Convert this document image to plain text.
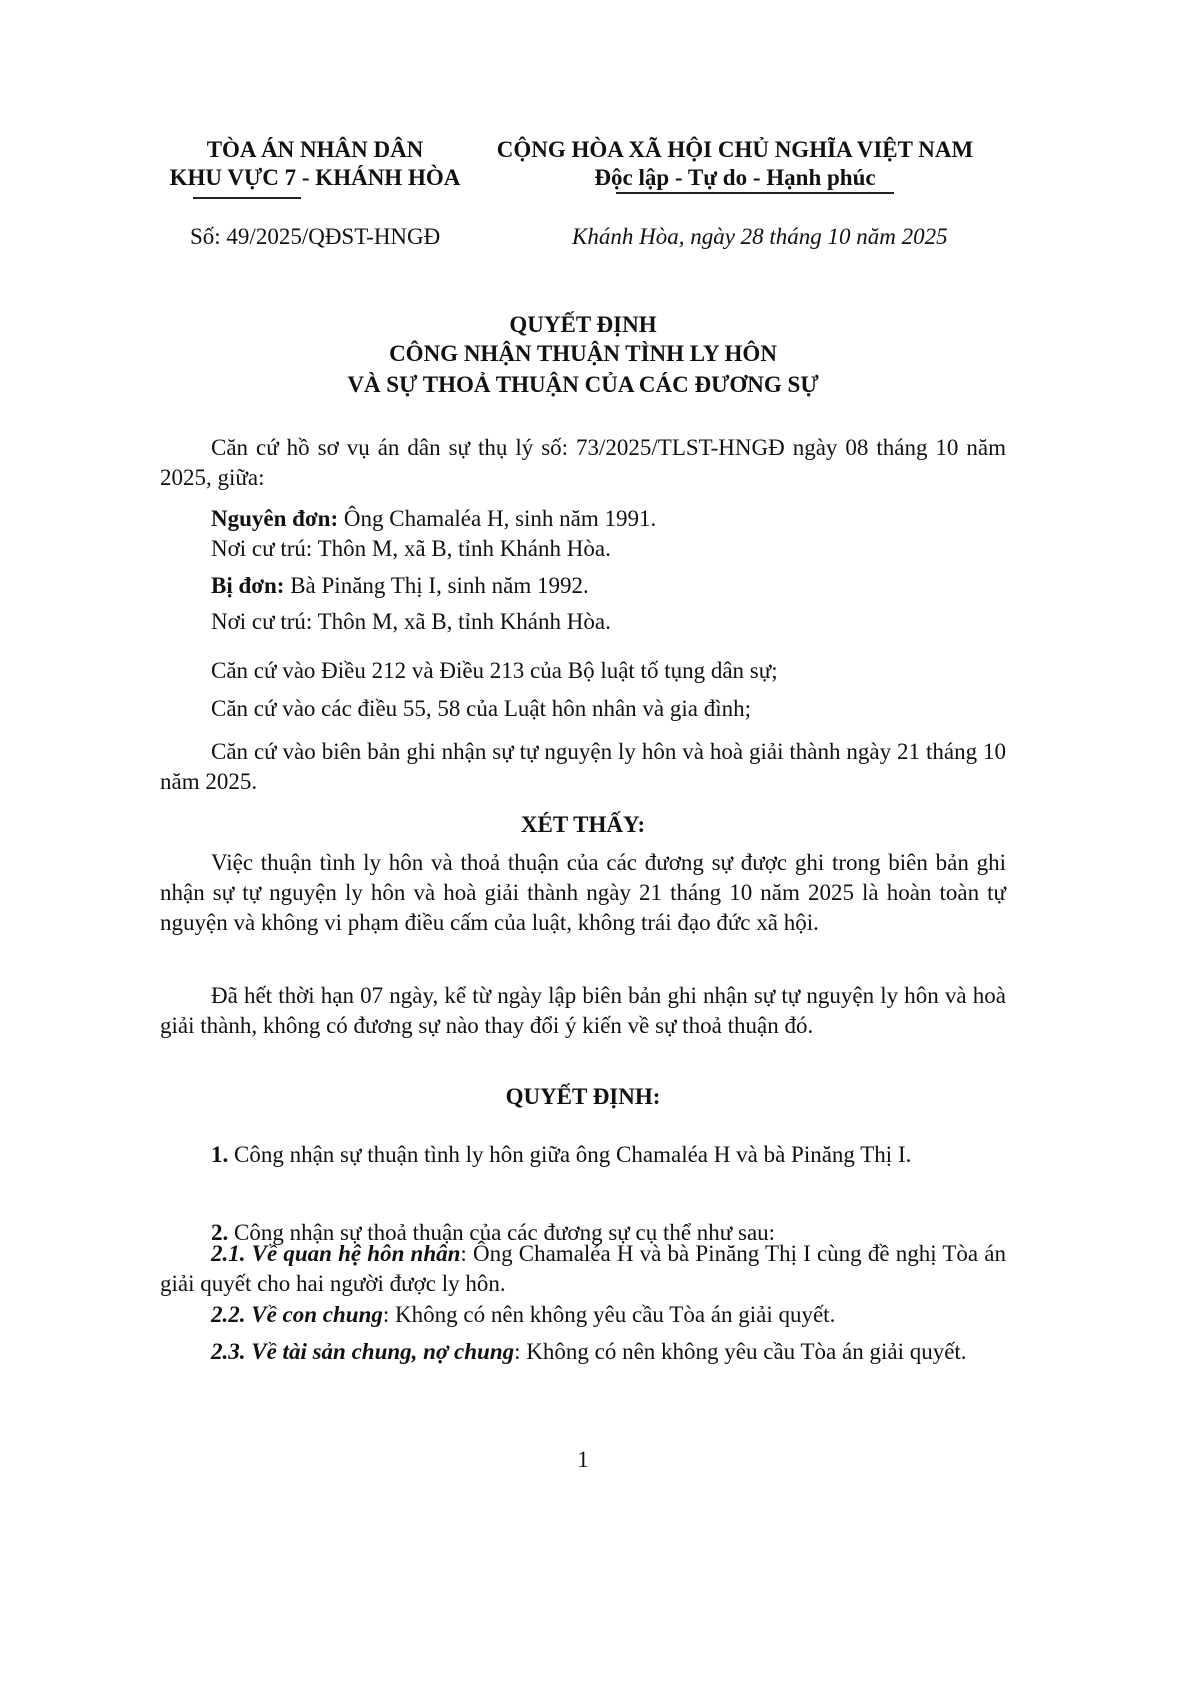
TÒA ÁN NHÂN DÂN
KHU VỰC 7 - KHÁNH HÒA
CỘNG HÒA XÃ HỘI CHỦ NGHĨA VIỆT NAM
Độc lập - Tự do - Hạnh phúc
Số: 49/2025/QĐST-HNGĐ	Khánh Hòa, ngày 28 tháng 10 năm 2025
QUYẾT ĐỊNH
CÔNG NHẬN THUẬN TÌNH LY HÔN
VÀ SỰ THOẢ THUẬN CỦA CÁC ĐƯƠNG SỰ
Căn cứ hồ sơ vụ án dân sự thụ lý số: 73/2025/TLST-HNGĐ ngày 08 tháng 10 năm 2025, giữa:
Nguyên đơn: Ông Chamaléa H, sinh năm 1991.
Nơi cư trú: Thôn M, xã B, tỉnh Khánh Hòa.
Bị đơn: Bà Pinăng Thị I, sinh năm 1992.
Nơi cư trú: Thôn M, xã B, tỉnh Khánh Hòa.
Căn cứ vào Điều 212 và Điều 213 của Bộ luật tố tụng dân sự;
Căn cứ vào các điều 55, 58 của Luật hôn nhân và gia đình;
Căn cứ vào biên bản ghi nhận sự tự nguyện ly hôn và hoà giải thành ngày 21 tháng 10 năm 2025.
XÉT THẤY:
Việc thuận tình ly hôn và thoả thuận của các đương sự được ghi trong biên bản ghi nhận sự tự nguyện ly hôn và hoà giải thành ngày 21 tháng 10 năm 2025 là hoàn toàn tự nguyện và không vi phạm điều cấm của luật, không trái đạo đức xã hội.
Đã hết thời hạn 07 ngày, kể từ ngày lập biên bản ghi nhận sự tự nguyện ly hôn và hoà giải thành, không có đương sự nào thay đổi ý kiến về sự thoả thuận đó.
QUYẾT ĐỊNH:
1. Công nhận sự thuận tình ly hôn giữa ông Chamaléa H và bà Pinăng Thị I.
2. Công nhận sự thoả thuận của các đương sự cụ thể như sau:
2.1. Về quan hệ hôn nhân: Ông Chamaléa H và bà Pinăng Thị I cùng đề nghị Tòa án giải quyết cho hai người được ly hôn.
2.2. Về con chung: Không có nên không yêu cầu Tòa án giải quyết.
2.3. Về tài sản chung, nợ chung: Không có nên không yêu cầu Tòa án giải quyết.
1
